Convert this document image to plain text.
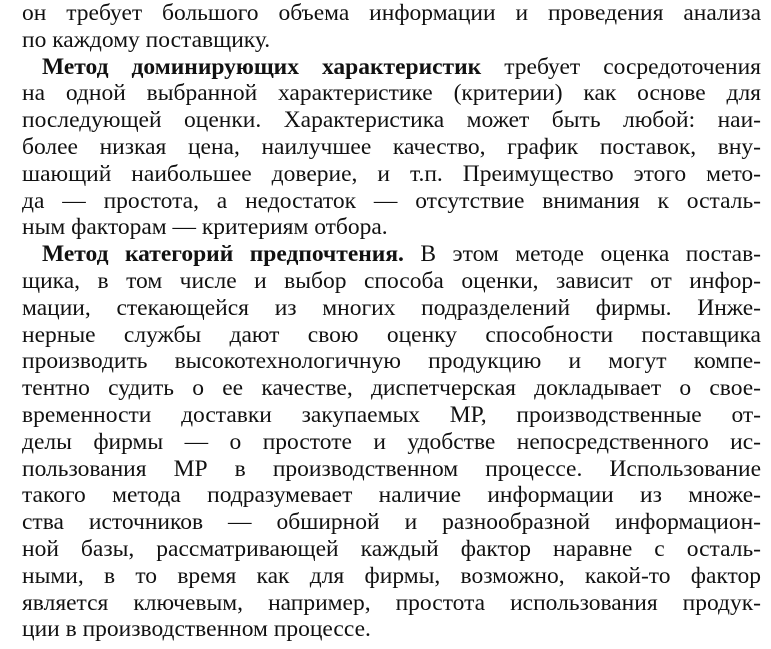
он требует большого объема информации и проведения анализа
по каждому поставщику.
Метод доминирующих характеристик требует сосредоточения
на одной выбранной характеристике (критерии) как основе для
последующей оценки. Характеристика может быть любой: наи-
более низкая цена, наилучшее качество, график поставок, вну-
шающий наибольшее доверие, и т.п. Преимущество этого мето-
да — простота, а недостаток — отсутствие внимания к осталь-
ным факторам — критериям отбора.
Метод категорий предпочтения. В этом методе оценка постав-
щика, в том числе и выбор способа оценки, зависит от инфор-
мации, стекающейся из многих подразделений фирмы. Инже-
нерные службы дают свою оценку способности поставщика
производить высокотехнологичную продукцию и могут компе-
тентно судить о ее качестве, диспетчерская докладывает о свое-
временности доставки закупаемых МР, производственные от-
делы фирмы — о простоте и удобстве непосредственного ис-
пользования МР в производственном процессе. Использование
такого метода подразумевает наличие информации из множе-
ства источников — обширной и разнообразной информацион-
ной базы, рассматривающей каждый фактор наравне с осталь-
ными, в то время как для фирмы, возможно, какой-то фактор
является ключевым, например, простота использования продук-
ции в производственном процессе.
